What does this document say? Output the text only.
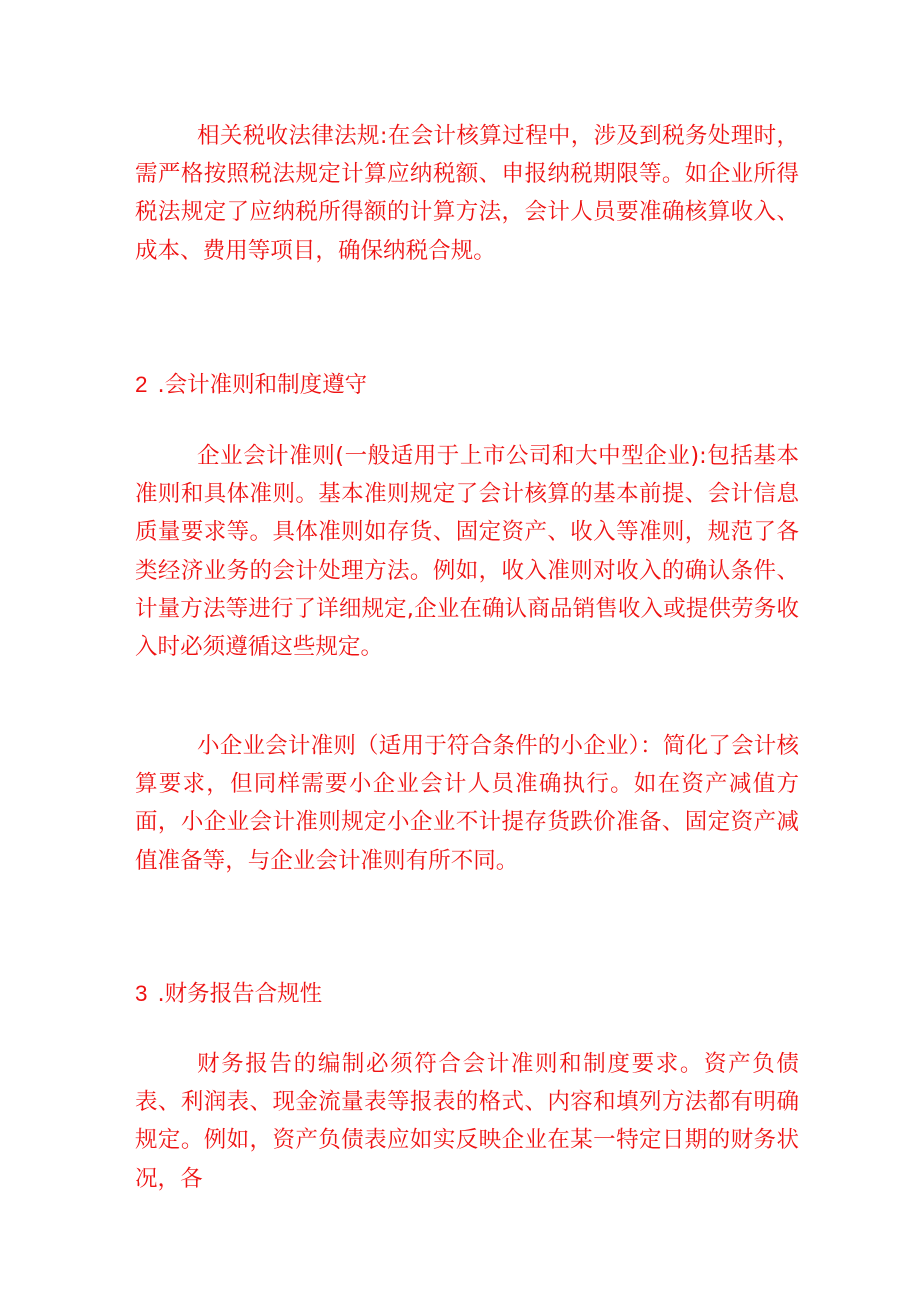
相关税收法律法规:在会计核算过程中，涉及到税务处理时，需严格按照税法规定计算应纳税额、申报纳税期限等。如企业所得税法规定了应纳税所得额的计算方法，会计人员要准确核算收入、成本、费用等项目，确保纳税合规。

2 .会计准则和制度遵守

企业会计准则(一般适用于上市公司和大中型企业):包括基本准则和具体准则。基本准则规定了会计核算的基本前提、会计信息质量要求等。具体准则如存货、固定资产、收入等准则，规范了各类经济业务的会计处理方法。例如，收入准则对收入的确认条件、计量方法等进行了详细规定,企业在确认商品销售收入或提供劳务收入时必须遵循这些规定。

小企业会计准则（适用于符合条件的小企业）：简化了会计核算要求，但同样需要小企业会计人员准确执行。如在资产减值方面，小企业会计准则规定小企业不计提存货跌价准备、固定资产减值准备等，与企业会计准则有所不同。

3 .财务报告合规性

财务报告的编制必须符合会计准则和制度要求。资产负债表、利润表、现金流量表等报表的格式、内容和填列方法都有明确规定。例如，资产负债表应如实反映企业在某一特定日期的财务状况，各
